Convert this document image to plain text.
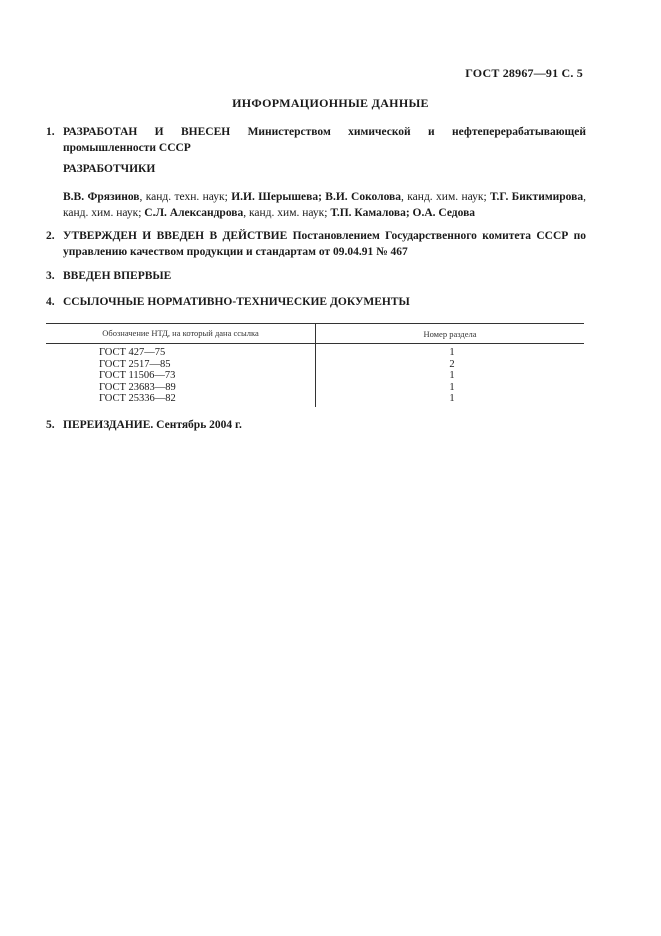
ГОСТ 28967—91 С. 5
ИНФОРМАЦИОННЫЕ ДАННЫЕ
1. РАЗРАБОТАН И ВНЕСЕН Министерством химической и нефтеперерабатывающей промышленности СССР
РАЗРАБОТЧИКИ
В.В. Фрязинов, канд. техн. наук; И.И. Шерышева; В.И. Соколова, канд. хим. наук; Т.Г. Биктимирова, канд. хим. наук; С.Л. Александрова, канд. хим. наук; Т.П. Камалова; О.А. Седова
2. УТВЕРЖДЕН И ВВЕДЕН В ДЕЙСТВИЕ Постановлением Государственного комитета СССР по управлению качеством продукции и стандартам от 09.04.91 № 467
3. ВВЕДЕН ВПЕРВЫЕ
4. ССЫЛОЧНЫЕ НОРМАТИВНО-ТЕХНИЧЕСКИЕ ДОКУМЕНТЫ
Обозначение НТД, на который дана ссылка	Номер раздела
ГОСТ 427—75
ГОСТ 2517—85
ГОСТ 11506—73
ГОСТ 23683—89
ГОСТ 25336—82
1
2
1
1
1
5. ПЕРЕИЗДАНИЕ. Сентябрь 2004 г.
